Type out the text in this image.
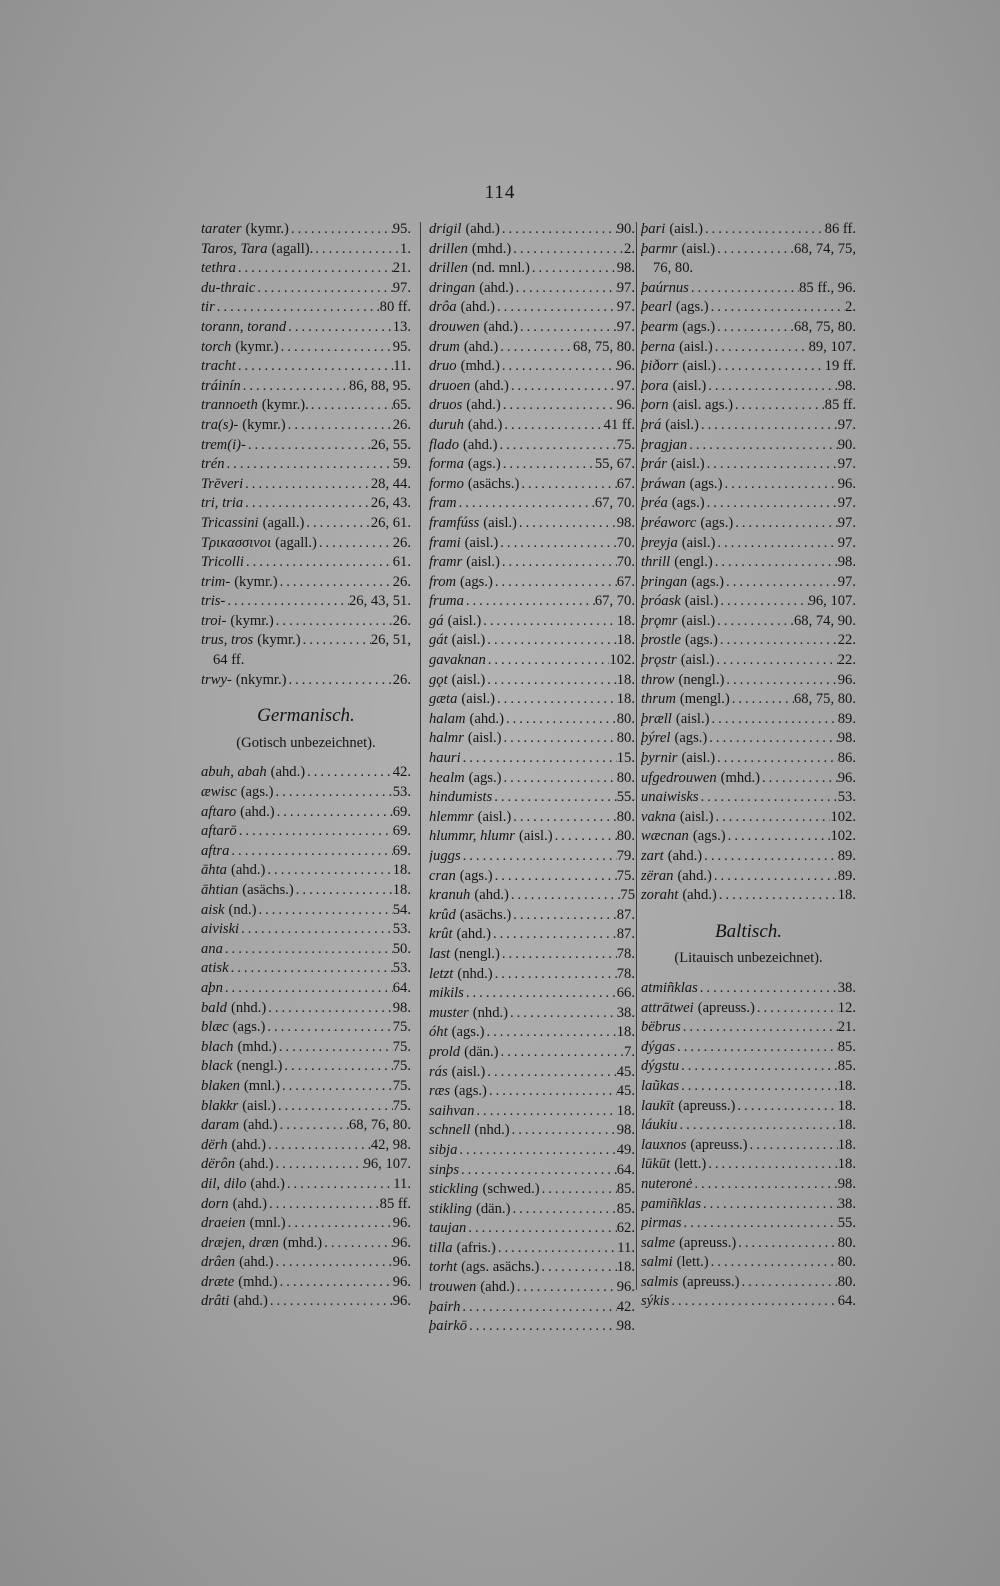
114
tarater (kymr.) .....	95.
Taros, Tara (agall). .....	1.
tethra .....	21.
du-thraic .....	97.
tir .....	80 ff.
torann, torand .....	13.
torch (kymr.) .....	95.
tracht .....	11.
tráinín .....	86, 88, 95.
trannoeth (kymr.). .....	65.
tra(s)- (kymr.) .....	26.
trem(i)- .....	26, 55.
trén .....	59.
Trēveri .....	28, 44.
tri, tria .....	26, 43.
Tricassini (agall.) .....	26, 61.
Τρικασσινοι (agall.) .....	26.
Tricolli .....	61.
trim- (kymr.) .....	26.
tris- .....	26, 43, 51.
troi- (kymr.) .....	26.
trus, tros (kymr.) .....	26, 51,
64 ff.
trwy- (nkymr.) .....	26.
Germanisch.
(Gotisch unbezeichnet).
abuh, abah (ahd.) .....	42.
æwisc (ags.) .....	53.
aftaro (ahd.) .....	69.
aftarō .....	69.
aftra .....	69.
āhta (ahd.) .....	18.
āhtian (asächs.) .....	18.
aisk (nd.) .....	54.
aiviski .....	53.
ana .....	50.
atisk .....	53.
aþn .....	64.
bald (nhd.) .....	98.
blæc (ags.) .....	75.
blach (mhd.) .....	75.
black (nengl.) .....	75.
blaken (mnl.) .....	75.
blakkr (aisl.) .....	75.
daram (ahd.) .....	68, 76, 80.
dërh (ahd.) .....	42, 98.
dërôn (ahd.) .....	96, 107.
dil, dilo (ahd.) .....	11.
dorn (ahd.) .....	85 ff.
draeien (mnl.) .....	96.
dræjen, dræn (mhd.) .....	96.
drâen (ahd.) .....	96.
dræte (mhd.) .....	96.
drâti (ahd.) .....	96.
drigil (ahd.) .....	90.
drillen (mhd.) .....	2.
drillen (nd. mnl.) .....	98.
dringan (ahd.) .....	97.
drôa (ahd.) .....	97.
drouwen (ahd.) .....	97.
drum (ahd.) .....	68, 75, 80.
druo (mhd.) .....	96.
druoen (ahd.) .....	97.
druos (ahd.) .....	96.
duruh (ahd.) .....	41 ff.
flado (ahd.) .....	75.
forma (ags.) .....	55, 67.
formo (asächs.) .....	67.
fram .....	67, 70.
framfúss (aisl.) .....	98.
frami (aisl.) .....	70.
framr (aisl.) .....	70.
from (ags.) .....	67.
fruma .....	67, 70.
gá (aisl.) .....	18.
gát (aisl.) .....	18.
gavaknan .....	102.
gǫt (aisl.) .....	18.
gæta (aisl.) .....	18.
halam (ahd.) .....	80.
halmr (aisl.) .....	80.
hauri .....	15.
healm (ags.) .....	80.
hindumists .....	55.
hlemmr (aisl.) .....	80.
hlummr, hlumr (aisl.) .....	80.
juggs .....	79.
cran (ags.) .....	75.
kranuh (ahd.) .....	75
krûd (asächs.) .....	87.
krût (ahd.) .....	87.
last (nengl.) .....	78.
letzt (nhd.) .....	78.
mikils .....	66.
muster (nhd.) .....	38.
óht (ags.) .....	18.
prold (dän.) .....	7.
rás (aisl.) .....	45.
ræs (ags.) .....	45.
saihvan .....	18.
schnell (nhd.) .....	98.
sibja .....	49.
sinþs .....	64.
stickling (schwed.) .....	85.
stikling (dän.) .....	85.
taujan .....	62.
tilla (afris.) .....	11.
torht (ags. asächs.) .....	18.
trouwen (ahd.) .....	96.
þairh .....	42.
þairkō .....	98.
þari (aisl.) .....	86 ff.
þarmr (aisl.) .....	68, 74, 75,
76, 80.
þaúrnus .....	85 ff., 96.
þearl (ags.) .....	2.
þearm (ags.) .....	68, 75, 80.
þerna (aisl.) .....	89, 107.
þiðorr (aisl.) .....	19 ff.
þora (aisl.) .....	98.
þorn (aisl. ags.) .....	85 ff.
þrá (aisl.) .....	97.
þragjan .....	90.
þrár (aisl.) .....	97.
þráwan (ags.) .....	96.
þréa (ags.) .....	97.
þréaworc (ags.) .....	97.
þreyja (aisl.) .....	97.
thrill (engl.) .....	98.
þringan (ags.) .....	97.
þróask (aisl.) .....	96, 107.
þrǫmr (aisl.) .....	68, 74, 90.
þrostle (ags.) .....	22.
þrǫstr (aisl.) .....	22.
throw (nengl.) .....	96.
thrum (mengl.) .....	68, 75, 80.
þræll (aisl.) .....	89.
þýrel (ags.) .....	98.
þyrnir (aisl.) .....	86.
ufgedrouwen (mhd.) .....	96.
unaiwisks .....	53.
vakna (aisl.) .....	102.
wæcnan (ags.) .....	102.
zart (ahd.) .....	89.
zëran (ahd.) .....	89.
zoraht (ahd.) .....	18.
Baltisch.
(Litauisch unbezeichnet).
atmiñklas .....	38.
attrātwei (apreuss.) .....	12.
bëbrus .....	21.
dýgas .....	85.
dýgstu .....	85.
laũkas .....	18.
laukīt (apreuss.) .....	18.
láukiu .....	18.
lauxnos (apreuss.) .....	18.
lūkūt (lett.) .....	18.
nuteronė .....	98.
pamiñklas .....	38.
pirmas .....	55.
salme (apreuss.) .....	80.
salmi (lett.) .....	80.
salmis (apreuss.) .....	80.
sýkis .....	64.
